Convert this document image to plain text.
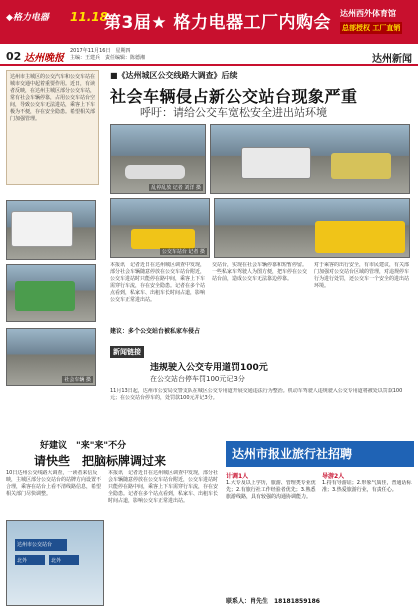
◆格力电器 11.18
第3届★ 格力电器工厂内购会 达州西外体育馆
总部授权 工厂直销
02 达州晚报
2017年11月16日　星期四
主编：王建兵　责任编辑：陈德湘	达州新闻
达州市主城区的公交汽车和公交车站在城市交通中起着重要作用。近日，有读者反映，在达州主城区部分公交车站，常有社会车辆停靠，占用公交车站台空间，导致公交车无法进站，乘客上下车极为不便，存在安全隐患。希望相关部门加强管理。
■《达州城区公交线路大调查》后续
社会车辆侵占新公交站台现象严重
呼吁：请给公交车宽松安全进出站环境
乱停乱放 记者 刘洋 摄
公交车站台 记者 摄
社会车辆 摄
本报讯　记者近日在达州城区调查中发现，部分社会车辆随意停放在公交车站台附近，公交车进站时只能停在路中间，乘客上下车需穿行车流，存在安全隐患。记者在多个站点看到，私家车、出租车长时间占道，影响公交车正常进出站。
建议：多个公交站台被私家车侵占
交站台，实现在社会车辆停靠和短暂停留。一些私家车驾驶人为图方便，把车停在公交站台前，造成公交车无法靠边停靠。
对于乘客的出行安全，有市民建议，有关部门加强对公交站台区域的管理，对违规停车行为进行处罚，还公交车一个安全的进出站环境。
新闻链接
违规驶入公交专用道罚100元
在公交站台停车罚100元记3分
11月13日起，达州市公安局交警支队在城区公交专用道开展交通违法行为整治。机动车驾驶人违规驶入公交专用道将被处以罚款100元；在公交站台停车的，处罚款100元并记3分。
好建议　"来"来"不分
请快些　把脑标牌调过来
10日达州公交线路大调查，一读者来信反映，主城区部分公交站台的站牌方向设置不合理，乘客在站台上看不清线路信息，希望相关部门尽快调整。
达州市公交站台
北外	北外
本报讯　记者近日在达州城区调查中发现，部分社会车辆随意停放在公交车站台附近，公交车进站时只能停在路中间，乘客上下车需穿行车流，存在安全隐患。记者在多个站点看到，私家车、出租车长时间占道，影响公交车正常进出站。
达州市报业旅行社招聘
计调1人
1.大专及以上学历，旅游、管理类专业优先；2.有旅行社工作经验者优先；3.熟悉旅游线路，具有较强的沟通协调能力。
导游2人
1.持有导游证；2.形象气质佳，普通话标准；3.热爱旅游行业，有责任心。
联系人：肖先生　18181859186
